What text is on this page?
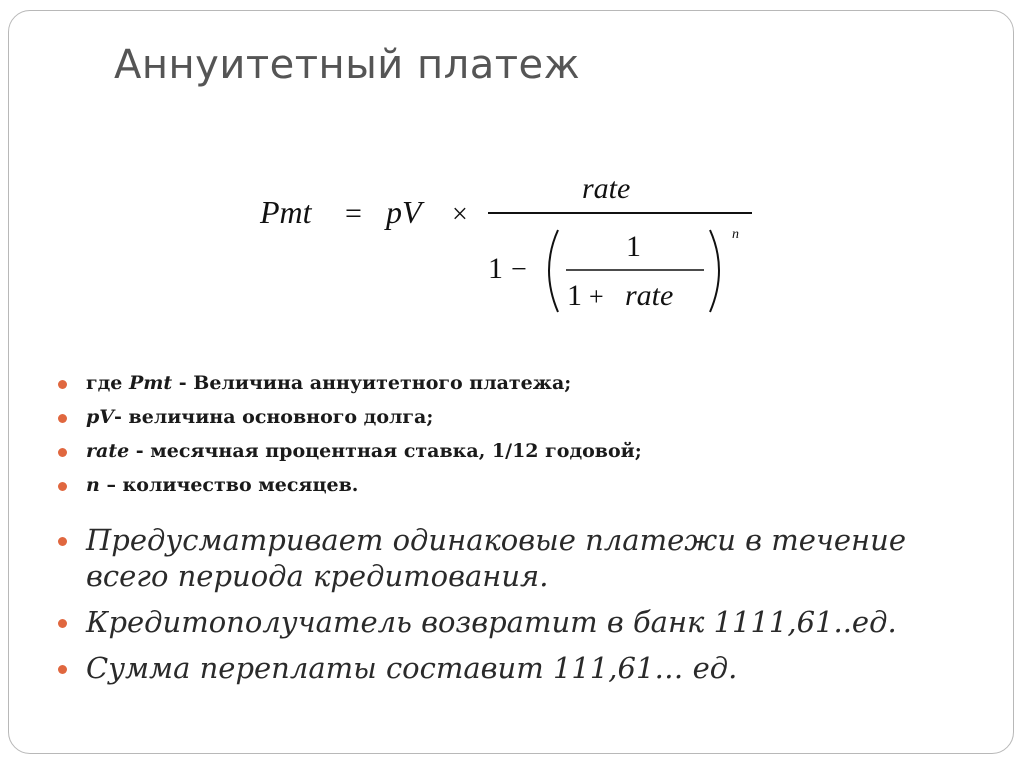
Аннуитетный платеж
Pmt = pV ×
rate
1 −
1
1 + rate
n
где Pmt - Величина аннуитетного платежа;
pV- величина основного долга;
rate - месячная процентная ставка, 1/12 годовой;
n – количество месяцев.
Предусматривает одинаковые платежи в течение всего периода кредитования.
Кредитополучатель возвратит в банк 1111,61..ед.
Сумма переплаты составит 111,61… ед.
